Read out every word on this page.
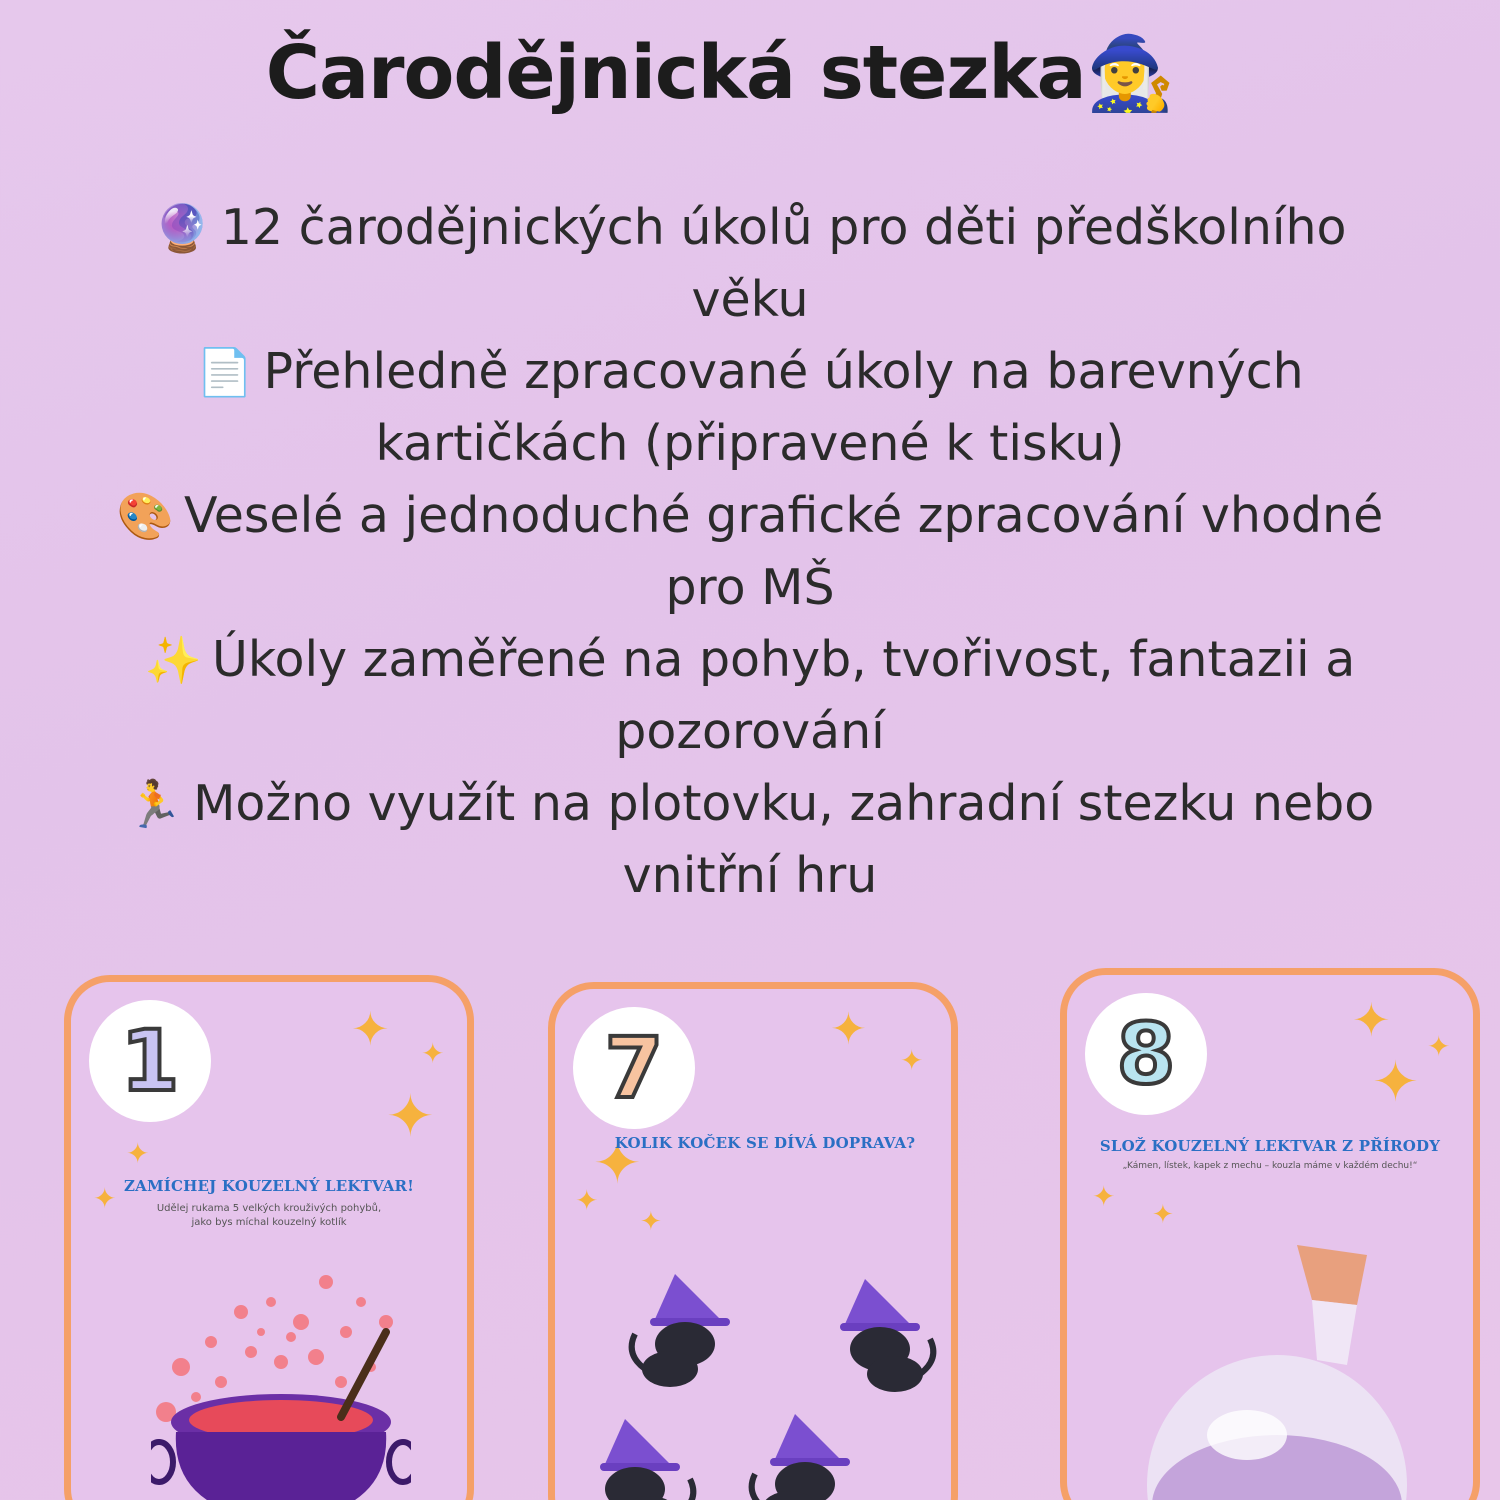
Čarodějnická stezka🧙‍♀️
🔮 12 čarodějnických úkolů pro děti předškolního věku
📄 Přehledně zpracované úkoly na barevných kartičkách (připravené k tisku)
🎨 Veselé a jednoduché grafické zpracování vhodné pro MŠ
✨ Úkoly zaměřené na pohyb, tvořivost, fantazii a pozorování
🏃 Možno využít na plotovku, zahradní stezku nebo vnitřní hru
1	✦ ✦
✦
✦
✦ ZAMÍCHEJ KOUZELNÝ LEKTVAR!
Udělej rukama 5 velkých krouživých pohybů,
jako bys míchal kouzelný kotlík
7	✦
✦
✦
✦
✦
KOLIK KOČEK SE DÍVÁ DOPRAVA?
8	✦ ✦
✦
✦
✦
SLOŽ KOUZELNÝ LEKTVAR Z PŘÍRODY
„Kámen, lístek, kapek z mechu – kouzla máme v každém dechu!“
